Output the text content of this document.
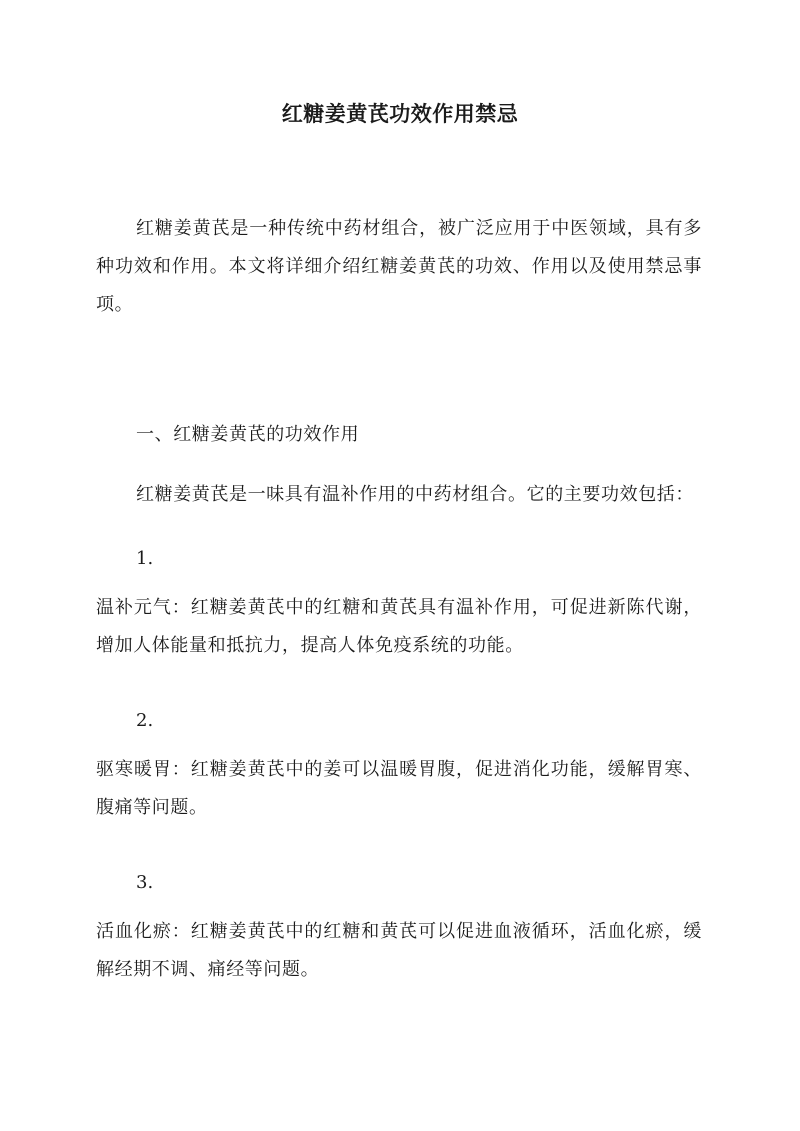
红糖姜黄芪功效作用禁忌

红糖姜黄芪是一种传统中药材组合，被广泛应用于中医领域，具有多种功效和作用。本文将详细介绍红糖姜黄芪的功效、作用以及使用禁忌事项。

一、红糖姜黄芪的功效作用

红糖姜黄芪是一味具有温补作用的中药材组合。它的主要功效包括：

1.

温补元气：红糖姜黄芪中的红糖和黄芪具有温补作用，可促进新陈代谢，增加人体能量和抵抗力，提高人体免疫系统的功能。

2.

驱寒暖胃：红糖姜黄芪中的姜可以温暖胃腹，促进消化功能，缓解胃寒、腹痛等问题。

3.

活血化瘀：红糖姜黄芪中的红糖和黄芪可以促进血液循环，活血化瘀，缓解经期不调、痛经等问题。
